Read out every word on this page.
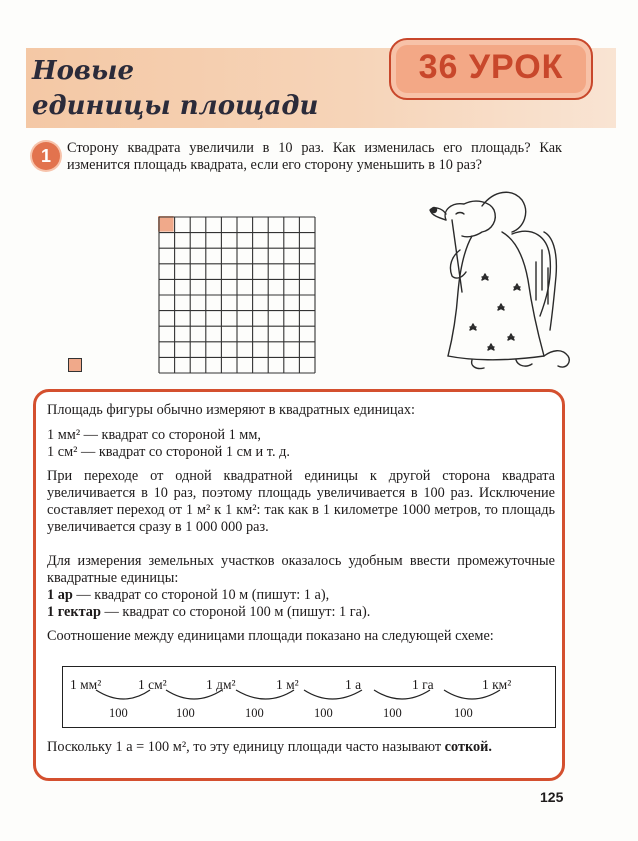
Новые
единицы площади
36 УРОК
1	Сторону квадрата увеличили в 10 раз. Как изменилась его площадь? Как изменится площадь квадрата, если его сторону уменьшить в 10 раз?

Площадь фигуры обычно измеряют в квадратных единицах:

1 мм² — квадрат со стороной 1 мм,

1 см² — квадрат со стороной 1 см и т. д.

При переходе от одной квадратной единицы к другой сторона квадрата увеличивается в 10 раз, поэтому площадь увеличивается в 100 раз. Исключение составляет переход от 1 м² к 1 км²: так как в 1 километре 1000 метров, то площадь увеличивается сразу в 1 000 000 раз.

Для измерения земельных участков оказалось удобным ввести промежуточные квадратные единицы:

1 ар — квадрат со стороной 10 м (пишут: 1 а),

1 гектар — квадрат со стороной 100 м (пишут: 1 га).

Соотношение между единицами площади показано на следующей схеме:

1 мм²	1 см²	1 дм²	1 м²	1 а	1 га	1 км²
100	100	100	100	100	100

Поскольку 1 а = 100 м², то эту единицу площади часто называют соткой.

125
